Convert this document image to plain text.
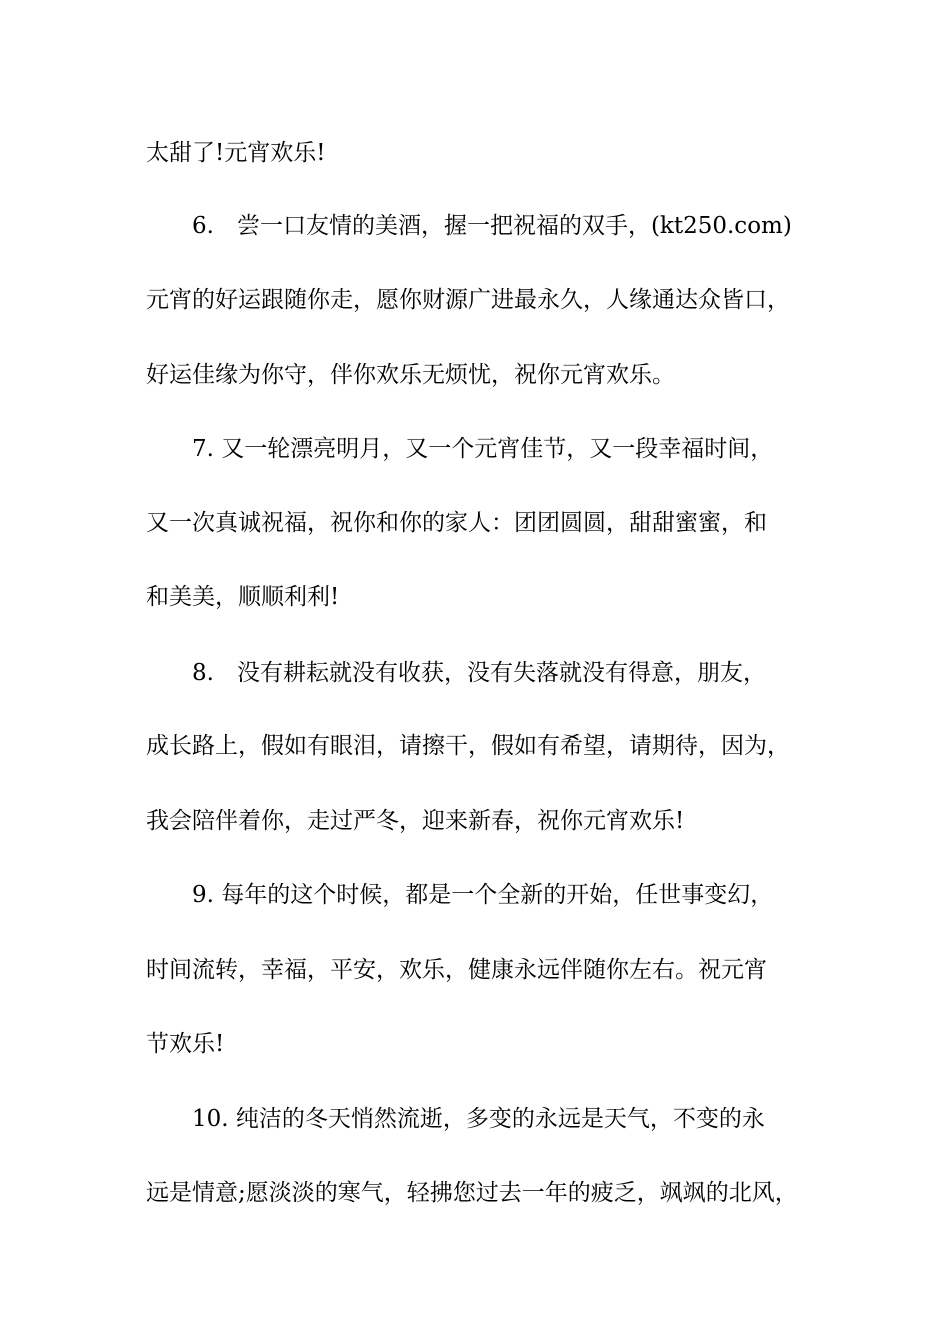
太甜了!元宵欢乐!
6.　尝一口友情的美酒，握一把祝福的双手，(kt250.com)
元宵的好运跟随你走，愿你财源广进最永久，人缘通达众皆口，
好运佳缘为你守，伴你欢乐无烦忧，祝你元宵欢乐。
7. 又一轮漂亮明月，又一个元宵佳节，又一段幸福时间，
又一次真诚祝福，祝你和你的家人：团团圆圆，甜甜蜜蜜，和
和美美，顺顺利利!
8.　没有耕耘就没有收获，没有失落就没有得意，朋友，
成长路上，假如有眼泪，请擦干，假如有希望，请期待，因为，
我会陪伴着你，走过严冬，迎来新春，祝你元宵欢乐!
9. 每年的这个时候，都是一个全新的开始，任世事变幻，
时间流转，幸福，平安，欢乐，健康永远伴随你左右。祝元宵
节欢乐!
10. 纯洁的冬天悄然流逝，多变的永远是天气，不变的永
远是情意;愿淡淡的寒气，轻拂您过去一年的疲乏，飒飒的北风，
